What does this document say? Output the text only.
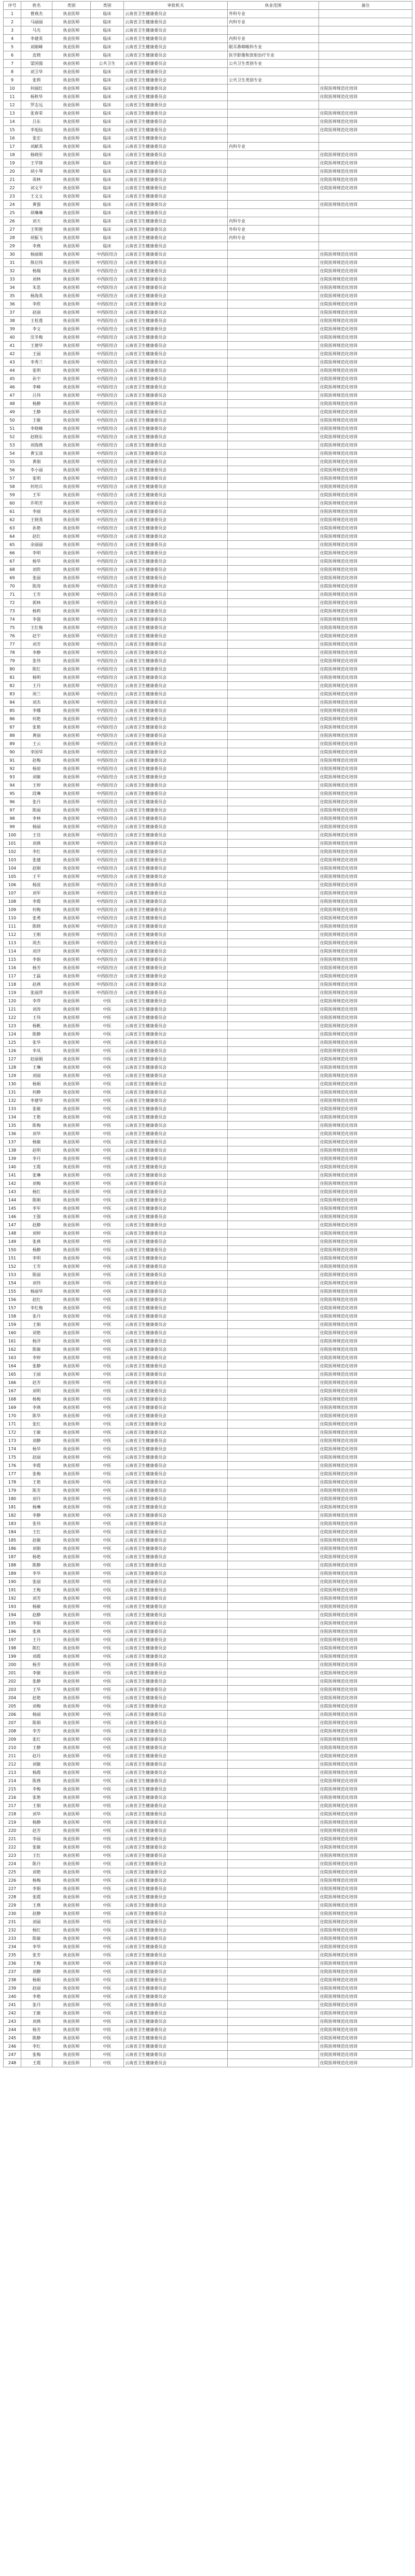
序号	姓名	类别	类别	审批机关	执业范围	备注
1	曹燕杰	执业医师	临床	云南省卫生健康委员会	外科专业	
2	马丽丽	执业医师	临床	云南省卫生健康委员会	内科专业	
3	马光	执业医师	临床	云南省卫生健康委员会		
4	李建英	执业医师	临床	云南省卫生健康委员会	内科专业	
5	刘刚峰	执业医师	临床	云南省卫生健康委员会	眼耳鼻咽喉科专业	
6	皮晓	执业医师	临床	云南省卫生健康委员会	医学影像和放射治疗专业	
7	梁国强	执业医师	公共卫生	云南省卫生健康委员会	公共卫生类别专业	
8	刘卫华	执业医师	临床	云南省卫生健康委员会		
9	张莉	执业医师	临床	云南省卫生健康委员会	公共卫生类别专业	
10	何丽红	执业医师	临床	云南省卫生健康委员会		住院医师规范化培训
11	杨秋华	执业医师	临床	云南省卫生健康委员会		住院医师规范化培训
12	罗志远	执业医师	临床	云南省卫生健康委员会		
13	张春荣	执业医师	临床	云南省卫生健康委员会		住院医师规范化培训
14	吕东	执业医师	临床	云南省卫生健康委员会		住院医师规范化培训
15	李旭仙	执业医师	临床	云南省卫生健康委员会		住院医师规范化培训
16	张宏	执业医师	临床	云南省卫生健康委员会		
17	刘献英	执业医师	临床	云南省卫生健康委员会	内科专业	
18	杨晓彤	执业医师	临床	云南省卫生健康委员会		住院医师规范化培训
19	王学锋	执业医师	临床	云南省卫生健康委员会		住院医师规范化培训
20	胡小琴	执业医师	临床	云南省卫生健康委员会		住院医师规范化培训
21	周林	执业医师	临床	云南省卫生健康委员会		住院医师规范化培训
22	刘文平	执业医师	临床	云南省卫生健康委员会		住院医师规范化培训
23	王文文	执业医师	临床	云南省卫生健康委员会		
24	黄强	执业医师	临床	云南省卫生健康委员会		住院医师规范化培训
25	胡琳琳	执业医师	临床	云南省卫生健康委员会		
26	刘天	执业医师	临床	云南省卫生健康委员会	内科专业	
27	王明艳	执业医师	临床	云南省卫生健康委员会	外科专业	
28	胡振飞	执业医师	临床	云南省卫生健康委员会	内科专业	
29	李燕	执业医师	临床	云南省卫生健康委员会		
30	杨丽娟	执业医师	中西医结合	云南省卫生健康委员会		住院医师规范化培训
31	熊启伟	执业医师	中西医结合	云南省卫生健康委员会		住院医师规范化培训
32	杨瑞	执业医师	中西医结合	云南省卫生健康委员会		住院医师规范化培训
33	刘林	执业医师	中西医结合	云南省卫生健康委员会		住院医师规范化培训
34	朱思	执业医师	中西医结合	云南省卫生健康委员会		住院医师规范化培训
35	杨海英	执业医师	中西医结合	云南省卫生健康委员会		住院医师规范化培训
36	李欣	执业医师	中西医结合	云南省卫生健康委员会		住院医师规范化培训
37	赵丽	执业医师	中西医结合	云南省卫生健康委员会		住院医师规范化培训
38	王桂莲	执业医师	中西医结合	云南省卫生健康委员会		住院医师规范化培训
39	李文	执业医师	中西医结合	云南省卫生健康委员会		住院医师规范化培训
40	沈冬梅	执业医师	中西医结合	云南省卫生健康委员会		住院医师规范化培训
41	王德华	执业医师	中西医结合	云南省卫生健康委员会		住院医师规范化培训
42	王丽	执业医师	中西医结合	云南省卫生健康委员会		住院医师规范化培训
43	李秀兰	执业医师	中西医结合	云南省卫生健康委员会		住院医师规范化培训
44	张明	执业医师	中西医结合	云南省卫生健康委员会		住院医师规范化培训
45	孙宇	执业医师	中西医结合	云南省卫生健康委员会		住院医师规范化培训
46	李峰	执业医师	中西医结合	云南省卫生健康委员会		住院医师规范化培训
47	吕伟	执业医师	中西医结合	云南省卫生健康委员会		住院医师规范化培训
48	杨静	执业医师	中西医结合	云南省卫生健康委员会		住院医师规范化培训
49	王静	执业医师	中西医结合	云南省卫生健康委员会		住院医师规范化培训
50	王敏	执业医师	中西医结合	云南省卫生健康委员会		住院医师规范化培训
51	李晓峰	执业医师	中西医结合	云南省卫生健康委员会		住院医师规范化培训
52	赵晓东	执业医师	中西医结合	云南省卫生健康委员会		住院医师规范化培训
53	刘海燕	执业医师	中西医结合	云南省卫生健康委员会		住院医师规范化培训
54	黄宝清	执业医师	中西医结合	云南省卫生健康委员会		住院医师规范化培训
55	黄娟	执业医师	中西医结合	云南省卫生健康委员会		住院医师规范化培训
56	李小丽	执业医师	中西医结合	云南省卫生健康委员会		住院医师规范化培训
57	张明	执业医师	中西医结合	云南省卫生健康委员会		住院医师规范化培训
58	何培兵	执业医师	中西医结合	云南省卫生健康委员会		住院医师规范化培训
59	王军	执业医师	中西医结合	云南省卫生健康委员会		住院医师规范化培训
60	许明芳	执业医师	中西医结合	云南省卫生健康委员会		住院医师规范化培训
61	李丽	执业医师	中西医结合	云南省卫生健康委员会		住院医师规范化培训
62	王晓英	执业医师	中西医结合	云南省卫生健康委员会		住院医师规范化培训
63	孙艳	执业医师	中西医结合	云南省卫生健康委员会		住院医师规范化培训
64	赵红	执业医师	中西医结合	云南省卫生健康委员会		住院医师规范化培训
65	余丽丽	执业医师	中西医结合	云南省卫生健康委员会		住院医师规范化培训
66	李明	执业医师	中西医结合	云南省卫生健康委员会		住院医师规范化培训
67	杨华	执业医师	中西医结合	云南省卫生健康委员会		住院医师规范化培训
68	刘欣	执业医师	中西医结合	云南省卫生健康委员会		住院医师规范化培训
69	张丽	执业医师	中西医结合	云南省卫生健康委员会		住院医师规范化培训
70	陈涛	执业医师	中西医结合	云南省卫生健康委员会		住院医师规范化培训
71	王芳	执业医师	中西医结合	云南省卫生健康委员会		住院医师规范化培训
72	郭林	执业医师	中西医结合	云南省卫生健康委员会		住院医师规范化培训
73	杨莉	执业医师	中西医结合	云南省卫生健康委员会		住院医师规范化培训
74	李强	执业医师	中西医结合	云南省卫生健康委员会		住院医师规范化培训
75	王红梅	执业医师	中西医结合	云南省卫生健康委员会		住院医师规范化培训
76	赵宇	执业医师	中西医结合	云南省卫生健康委员会		住院医师规范化培训
77	刘芳	执业医师	中西医结合	云南省卫生健康委员会		住院医师规范化培训
78	李静	执业医师	中西医结合	云南省卫生健康委员会		住院医师规范化培训
79	张伟	执业医师	中西医结合	云南省卫生健康委员会		住院医师规范化培训
80	陈红	执业医师	中西医结合	云南省卫生健康委员会		住院医师规范化培训
81	杨明	执业医师	中西医结合	云南省卫生健康委员会		住院医师规范化培训
82	王丹	执业医师	中西医结合	云南省卫生健康委员会		住院医师规范化培训
83	周兰	执业医师	中西医结合	云南省卫生健康委员会		住院医师规范化培训
84	刘杰	执业医师	中西医结合	云南省卫生健康委员会		住院医师规范化培训
85	李娜	执业医师	中西医结合	云南省卫生健康委员会		住院医师规范化培训
86	何艳	执业医师	中西医结合	云南省卫生健康委员会		住院医师规范化培训
87	张艳	执业医师	中西医结合	云南省卫生健康委员会		住院医师规范化培训
88	黄丽	执业医师	中西医结合	云南省卫生健康委员会		住院医师规范化培训
89	王云	执业医师	中西医结合	云南省卫生健康委员会		住院医师规范化培训
90	李国华	执业医师	中西医结合	云南省卫生健康委员会		住院医师规范化培训
91	赵梅	执业医师	中西医结合	云南省卫生健康委员会		住院医师规范化培训
92	杨琼	执业医师	中西医结合	云南省卫生健康委员会		住院医师规范化培训
93	刘敏	执业医师	中西医结合	云南省卫生健康委员会		住院医师规范化培训
94	王婷	执业医师	中西医结合	云南省卫生健康委员会		住院医师规范化培训
95	段琳	执业医师	中西医结合	云南省卫生健康委员会		住院医师规范化培训
96	张丹	执业医师	中西医结合	云南省卫生健康委员会		住院医师规范化培训
97	陈丽	执业医师	中西医结合	云南省卫生健康委员会		住院医师规范化培训
98	李林	执业医师	中西医结合	云南省卫生健康委员会		住院医师规范化培训
99	杨丽	执业医师	中西医结合	云南省卫生健康委员会		住院医师规范化培训
100	王佳	执业医师	中西医结合	云南省卫生健康委员会		住院医师规范化培训
101	刘燕	执业医师	中西医结合	云南省卫生健康委员会		住院医师规范化培训
102	李红	执业医师	中西医结合	云南省卫生健康委员会		住院医师规范化培训
103	张建	执业医师	中西医结合	云南省卫生健康委员会		住院医师规范化培训
104	赵刚	执业医师	中西医结合	云南省卫生健康委员会		住院医师规范化培训
105	王平	执业医师	中西医结合	云南省卫生健康委员会		住院医师规范化培训
106	杨波	执业医师	中西医结合	云南省卫生健康委员会		住院医师规范化培训
107	刘军	执业医师	中西医结合	云南省卫生健康委员会		住院医师规范化培训
108	李霞	执业医师	中西医结合	云南省卫生健康委员会		住院医师规范化培训
109	何梅	执业医师	中西医结合	云南省卫生健康委员会		住院医师规范化培训
110	张勇	执业医师	中西医结合	云南省卫生健康委员会		住院医师规范化培训
111	陈晓	执业医师	中西医结合	云南省卫生健康委员会		住院医师规范化培训
112	王刚	执业医师	中西医结合	云南省卫生健康委员会		住院医师规范化培训
113	周杰	执业医师	中西医结合	云南省卫生健康委员会		住院医师规范化培训
114	刘洋	执业医师	中西医结合	云南省卫生健康委员会		住院医师规范化培训
115	李娟	执业医师	中西医结合	云南省卫生健康委员会		住院医师规范化培训
116	杨芳	执业医师	中西医结合	云南省卫生健康委员会		住院医师规范化培训
117	王磊	执业医师	中西医结合	云南省卫生健康委员会		住院医师规范化培训
118	赵燕	执业医师	中西医结合	云南省卫生健康委员会		住院医师规范化培训
119	张丽萍	执业医师	中西医结合	云南省卫生健康委员会		住院医师规范化培训
120	李萍	执业医师	中医	云南省卫生健康委员会		住院医师规范化培训
121	刘涛	执业医师	中医	云南省卫生健康委员会		住院医师规范化培训
122	王伟	执业医师	中医	云南省卫生健康委员会		住院医师规范化培训
123	杨帆	执业医师	中医	云南省卫生健康委员会		住院医师规范化培训
124	陈静	执业医师	中医	云南省卫生健康委员会		住院医师规范化培训
125	张华	执业医师	中医	云南省卫生健康委员会		住院医师规范化培训
126	李凤	执业医师	中医	云南省卫生健康委员会		住院医师规范化培训
127	赵丽娟	执业医师	中医	云南省卫生健康委员会		住院医师规范化培训
128	王琳	执业医师	中医	云南省卫生健康委员会		住院医师规范化培训
129	刘丽	执业医师	中医	云南省卫生健康委员会		住院医师规范化培训
130	杨娟	执业医师	中医	云南省卫生健康委员会		住院医师规范化培训
131	何静	执业医师	中医	云南省卫生健康委员会		住院医师规范化培训
132	李建华	执业医师	中医	云南省卫生健康委员会		住院医师规范化培训
133	张敏	执业医师	中医	云南省卫生健康委员会		住院医师规范化培训
134	王艳	执业医师	中医	云南省卫生健康委员会		住院医师规范化培训
135	陈梅	执业医师	中医	云南省卫生健康委员会		住院医师规范化培训
136	刘华	执业医师	中医	云南省卫生健康委员会		住院医师规范化培训
137	杨敏	执业医师	中医	云南省卫生健康委员会		住院医师规范化培训
138	赵明	执业医师	中医	云南省卫生健康委员会		住院医师规范化培训
139	李丹	执业医师	中医	云南省卫生健康委员会		住院医师规范化培训
140	王霞	执业医师	中医	云南省卫生健康委员会		住院医师规范化培训
141	张琳	执业医师	中医	云南省卫生健康委员会		住院医师规范化培训
142	刘梅	执业医师	中医	云南省卫生健康委员会		住院医师规范化培训
143	杨红	执业医师	中医	云南省卫生健康委员会		住院医师规范化培训
144	陈刚	执业医师	中医	云南省卫生健康委员会		住院医师规范化培训
145	李军	执业医师	中医	云南省卫生健康委员会		住院医师规范化培训
146	王强	执业医师	中医	云南省卫生健康委员会		住院医师规范化培训
147	赵静	执业医师	中医	云南省卫生健康委员会		住院医师规范化培训
148	刘婷	执业医师	中医	云南省卫生健康委员会		住院医师规范化培训
149	张燕	执业医师	中医	云南省卫生健康委员会		住院医师规范化培训
150	杨静	执业医师	中医	云南省卫生健康委员会		住院医师规范化培训
151	李明	执业医师	中医	云南省卫生健康委员会		住院医师规范化培训
152	王芳	执业医师	中医	云南省卫生健康委员会		住院医师规范化培训
153	陈丽	执业医师	中医	云南省卫生健康委员会		住院医师规范化培训
154	刘伟	执业医师	中医	云南省卫生健康委员会		住院医师规范化培训
155	杨丽华	执业医师	中医	云南省卫生健康委员会		住院医师规范化培训
156	赵红	执业医师	中医	云南省卫生健康委员会		住院医师规范化培训
157	李红梅	执业医师	中医	云南省卫生健康委员会		住院医师规范化培训
158	张丹	执业医师	中医	云南省卫生健康委员会		住院医师规范化培训
159	王娟	执业医师	中医	云南省卫生健康委员会		住院医师规范化培训
160	刘艳	执业医师	中医	云南省卫生健康委员会		住院医师规范化培训
161	杨洋	执业医师	中医	云南省卫生健康委员会		住院医师规范化培训
162	陈敏	执业医师	中医	云南省卫生健康委员会		住院医师规范化培训
163	李婷	执业医师	中医	云南省卫生健康委员会		住院医师规范化培训
164	张静	执业医师	中医	云南省卫生健康委员会		住院医师规范化培训
165	王丽	执业医师	中医	云南省卫生健康委员会		住院医师规范化培训
166	赵芳	执业医师	中医	云南省卫生健康委员会		住院医师规范化培训
167	刘明	执业医师	中医	云南省卫生健康委员会		住院医师规范化培训
168	杨梅	执业医师	中医	云南省卫生健康委员会		住院医师规范化培训
169	李燕	执业医师	中医	云南省卫生健康委员会		住院医师规范化培训
170	陈华	执业医师	中医	云南省卫生健康委员会		住院医师规范化培训
171	张红	执业医师	中医	云南省卫生健康委员会		住院医师规范化培训
172	王敏	执业医师	中医	云南省卫生健康委员会		住院医师规范化培训
173	刘静	执业医师	中医	云南省卫生健康委员会		住院医师规范化培训
174	杨华	执业医师	中医	云南省卫生健康委员会		住院医师规范化培训
175	赵丽	执业医师	中医	云南省卫生健康委员会		住院医师规范化培训
176	李霞	执业医师	中医	云南省卫生健康委员会		住院医师规范化培训
177	张梅	执业医师	中医	云南省卫生健康委员会		住院医师规范化培训
178	王艳	执业医师	中医	云南省卫生健康委员会		住院医师规范化培训
179	陈芳	执业医师	中医	云南省卫生健康委员会		住院医师规范化培训
180	刘丹	执业医师	中医	云南省卫生健康委员会		住院医师规范化培训
181	杨琳	执业医师	中医	云南省卫生健康委员会		住院医师规范化培训
182	李静	执业医师	中医	云南省卫生健康委员会		住院医师规范化培训
183	张伟	执业医师	中医	云南省卫生健康委员会		住院医师规范化培训
184	王红	执业医师	中医	云南省卫生健康委员会		住院医师规范化培训
185	赵敏	执业医师	中医	云南省卫生健康委员会		住院医师规范化培训
186	刘娟	执业医师	中医	云南省卫生健康委员会		住院医师规范化培训
187	杨艳	执业医师	中医	云南省卫生健康委员会		住院医师规范化培训
188	陈静	执业医师	中医	云南省卫生健康委员会		住院医师规范化培训
189	李华	执业医师	中医	云南省卫生健康委员会		住院医师规范化培训
190	张丽	执业医师	中医	云南省卫生健康委员会		住院医师规范化培训
191	王梅	执业医师	中医	云南省卫生健康委员会		住院医师规范化培训
192	刘芳	执业医师	中医	云南省卫生健康委员会		住院医师规范化培训
193	杨敏	执业医师	中医	云南省卫生健康委员会		住院医师规范化培训
194	赵静	执业医师	中医	云南省卫生健康委员会		住院医师规范化培训
195	李娟	执业医师	中医	云南省卫生健康委员会		住院医师规范化培训
196	张燕	执业医师	中医	云南省卫生健康委员会		住院医师规范化培训
197	王丹	执业医师	中医	云南省卫生健康委员会		住院医师规范化培训
198	陈红	执业医师	中医	云南省卫生健康委员会		住院医师规范化培训
199	刘霞	执业医师	中医	云南省卫生健康委员会		住院医师规范化培训
200	杨芳	执业医师	中医	云南省卫生健康委员会		住院医师规范化培训
201	李敏	执业医师	中医	云南省卫生健康委员会		住院医师规范化培训
202	张静	执业医师	中医	云南省卫生健康委员会		住院医师规范化培训
203	王华	执业医师	中医	云南省卫生健康委员会		住院医师规范化培训
204	赵艳	执业医师	中医	云南省卫生健康委员会		住院医师规范化培训
205	刘梅	执业医师	中医	云南省卫生健康委员会		住院医师规范化培训
206	杨丽	执业医师	中医	云南省卫生健康委员会		住院医师规范化培训
207	陈娟	执业医师	中医	云南省卫生健康委员会		住院医师规范化培训
208	李芳	执业医师	中医	云南省卫生健康委员会		住院医师规范化培训
209	张红	执业医师	中医	云南省卫生健康委员会		住院医师规范化培训
210	王静	执业医师	中医	云南省卫生健康委员会		住院医师规范化培训
211	赵丹	执业医师	中医	云南省卫生健康委员会		住院医师规范化培训
212	刘敏	执业医师	中医	云南省卫生健康委员会		住院医师规范化培训
213	杨霞	执业医师	中医	云南省卫生健康委员会		住院医师规范化培训
214	陈燕	执业医师	中医	云南省卫生健康委员会		住院医师规范化培训
215	李梅	执业医师	中医	云南省卫生健康委员会		住院医师规范化培训
216	张艳	执业医师	中医	云南省卫生健康委员会		住院医师规范化培训
217	王娟	执业医师	中医	云南省卫生健康委员会		住院医师规范化培训
218	刘华	执业医师	中医	云南省卫生健康委员会		住院医师规范化培训
219	杨静	执业医师	中医	云南省卫生健康委员会		住院医师规范化培训
220	赵芳	执业医师	中医	云南省卫生健康委员会		住院医师规范化培训
221	李丽	执业医师	中医	云南省卫生健康委员会		住院医师规范化培训
222	张敏	执业医师	中医	云南省卫生健康委员会		住院医师规范化培训
223	王红	执业医师	中医	云南省卫生健康委员会		住院医师规范化培训
224	陈丹	执业医师	中医	云南省卫生健康委员会		住院医师规范化培训
225	刘艳	执业医师	中医	云南省卫生健康委员会		住院医师规范化培训
226	杨梅	执业医师	中医	云南省卫生健康委员会		住院医师规范化培训
227	李娟	执业医师	中医	云南省卫生健康委员会		住院医师规范化培训
228	张霞	执业医师	中医	云南省卫生健康委员会		住院医师规范化培训
229	王燕	执业医师	中医	云南省卫生健康委员会		住院医师规范化培训
230	赵静	执业医师	中医	云南省卫生健康委员会		住院医师规范化培训
231	刘丽	执业医师	中医	云南省卫生健康委员会		住院医师规范化培训
232	杨红	执业医师	中医	云南省卫生健康委员会		住院医师规范化培训
233	陈敏	执业医师	中医	云南省卫生健康委员会		住院医师规范化培训
234	李华	执业医师	中医	云南省卫生健康委员会		住院医师规范化培训
235	张芳	执业医师	中医	云南省卫生健康委员会		住院医师规范化培训
236	王梅	执业医师	中医	云南省卫生健康委员会		住院医师规范化培训
237	刘静	执业医师	中医	云南省卫生健康委员会		住院医师规范化培训
238	杨娟	执业医师	中医	云南省卫生健康委员会		住院医师规范化培训
239	赵丽	执业医师	中医	云南省卫生健康委员会		住院医师规范化培训
240	李艳	执业医师	中医	云南省卫生健康委员会		住院医师规范化培训
241	张丹	执业医师	中医	云南省卫生健康委员会		住院医师规范化培训
242	王敏	执业医师	中医	云南省卫生健康委员会		住院医师规范化培训
243	刘燕	执业医师	中医	云南省卫生健康委员会		住院医师规范化培训
244	杨芳	执业医师	中医	云南省卫生健康委员会		住院医师规范化培训
245	陈静	执业医师	中医	云南省卫生健康委员会		住院医师规范化培训
246	李红	执业医师	中医	云南省卫生健康委员会		住院医师规范化培训
247	张梅	执业医师	中医	云南省卫生健康委员会		住院医师规范化培训
248	王霞	执业医师	中医	云南省卫生健康委员会		住院医师规范化培训
